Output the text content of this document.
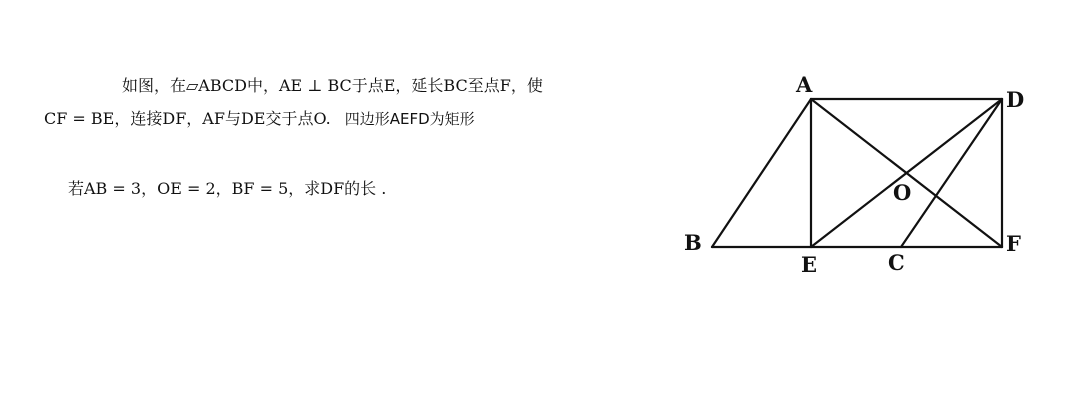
如图，在▱ABCD中，AE ⊥ BC于点E，延长BC至点F，使
CF = BE，连接DF，AF与DE交于点O. 四边形AEFD为矩形
若AB = 3，OE = 2，BF = 5，求DF的长 .
A
D
B	F
E	C
O
